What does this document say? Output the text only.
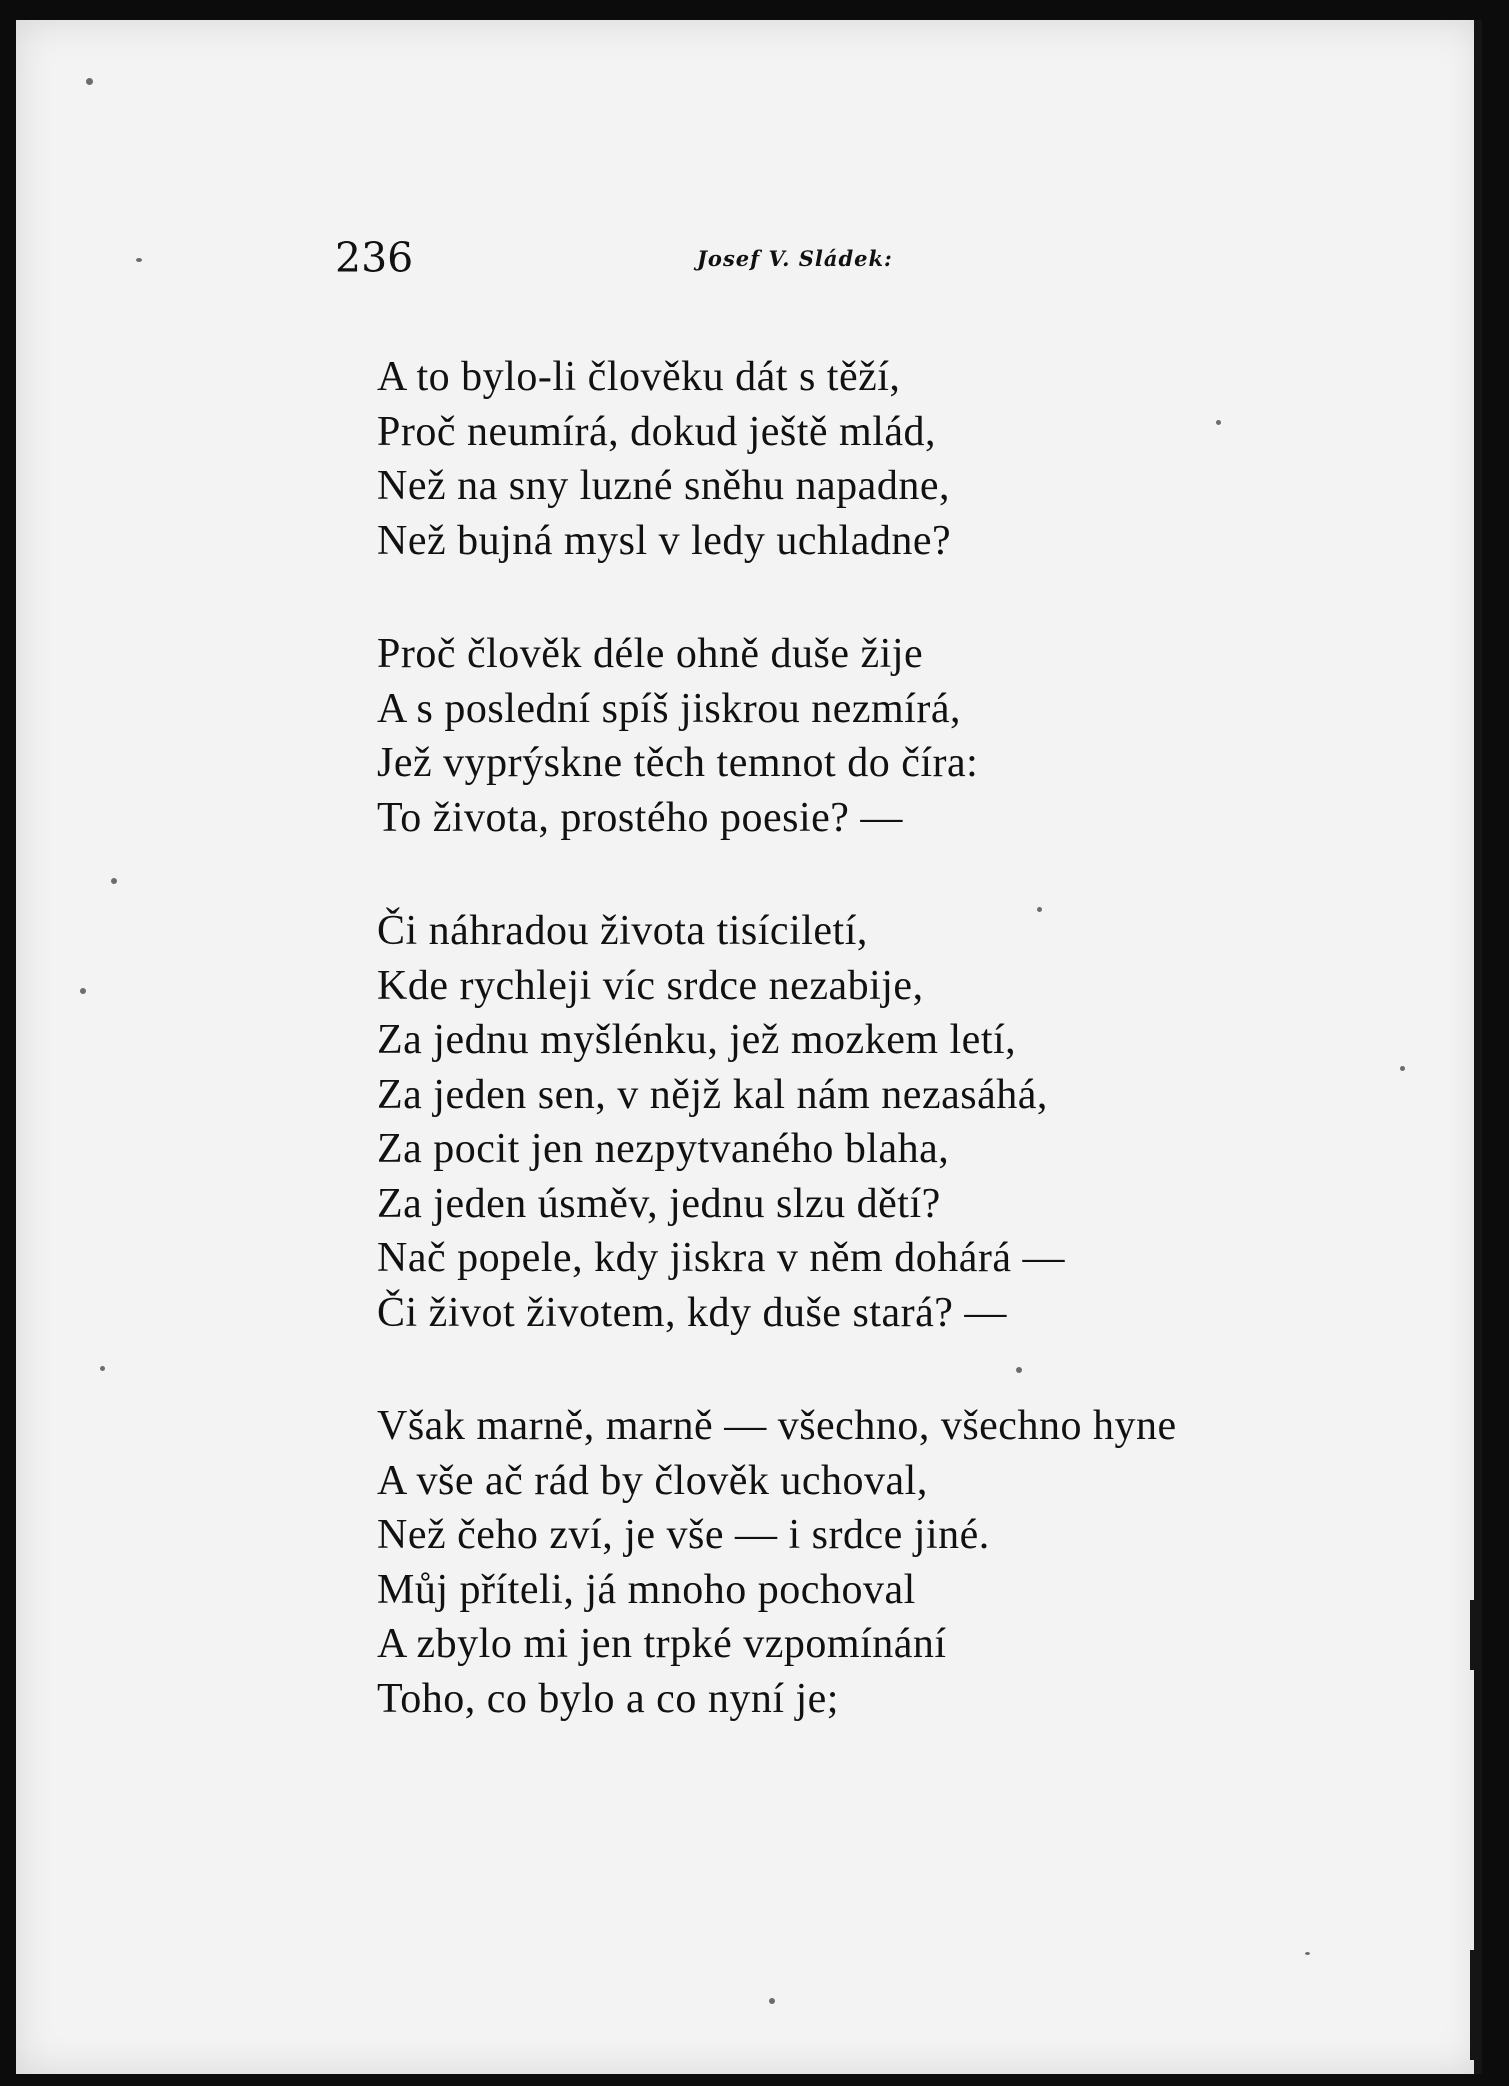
236	Josef V. Sládek:
A to bylo-li člověku dát s těží,
Proč neumírá, dokud ještě mlád,
Než na sny luzné sněhu napadne,
Než bujná mysl v ledy uchladne?
Proč člověk déle ohně duše žije
A s poslední spíš jiskrou nezmírá,
Jež vyprýskne těch temnot do číra:
To života, prostého poesie? —
Či náhradou života tisíciletí,
Kde rychleji víc srdce nezabije,
Za jednu myšlénku, jež mozkem letí,
Za jeden sen, v nějž kal nám nezasáhá,
Za pocit jen nezpytvaného blaha,
Za jeden úsměv, jednu slzu dětí?
Nač popele, kdy jiskra v něm dohárá —
Či život životem, kdy duše stará? —
Však marně, marně — všechno, všechno hyne
A vše ač rád by člověk uchoval,
Než čeho zví, je vše — i srdce jiné.
Můj příteli, já mnoho pochoval
A zbylo mi jen trpké vzpomínání
Toho, co bylo a co nyní je;
